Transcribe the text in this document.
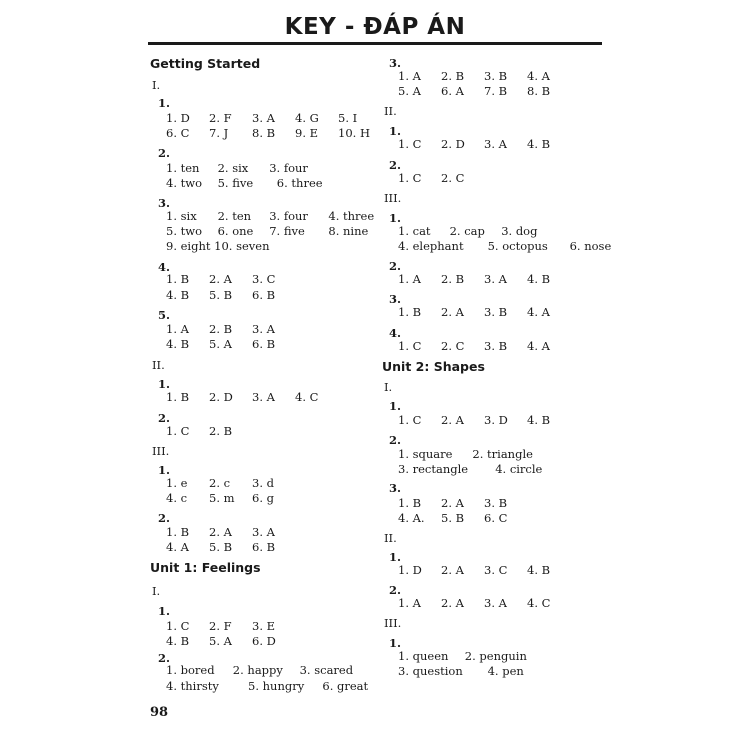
KEY - ĐÁP ÁN
Getting Started
I.
1.
1. D 2. F 3. A 4. G 5. I
6. C 7. J 8. B 9. E 10. H
2.
1. ten 2. six 3. four
4. two 5. five 6. three
3.
1. six 2. ten 3. four 4. three
5. two 6. one 7. five 8. nine
9. eight 10. seven
4.
1. B 2. A 3. C
4. B 5. B 6. B
5.
1. A 2. B 3. A
4. B 5. A 6. B
II.
1.
1. B 2. D 3. A 4. C
2.
1. C 2. B
III.
1.
1. e 2. c 3. d
4. c 5. m 6. g
2.
1. B 2. A 3. A
4. A 5. B 6. B
Unit 1: Feelings
I.
1.
1. C 2. F 3. E
4. B 5. A 6. D
2.
1. bored 2. happy 3. scared
4. thirsty	5. hungry 6. great
3.
1. A 2. B 3. B 4. A
5. A 6. A 7. B 8. B
II.
1.
1. C 2. D 3. A 4. B
2.
1. C 2. C
III.
1.
1. cat 2. cap 3. dog
4. elephant 5. octopus 6. nose
2.
1. A 2. B 3. A 4. B
3.
1. B 2. A 3. B 4. A
4.
1. C 2. C 3. B 4. A
Unit 2: Shapes
I.
1.
1. C 2. A 3. D 4. B
2.
1. square 2. triangle
3. rectangle 4. circle
3.
1. B 2. A 3. B
4. A. 5. B 6. C
II.
1.
1. D 2. A 3. C 4. B
2.
1. A 2. A 3. A 4. C
III.
1.
1. queen 2. penguin
3. question 4. pen
98
